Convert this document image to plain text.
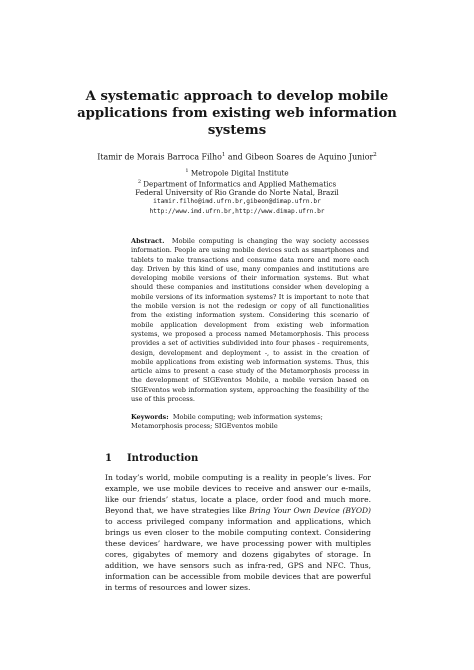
A systematic approach to develop mobile
applications from existing web information
systems
Itamir de Morais Barroca Filho$^1$ and Gibeon Soares de Aquino Junior$^2$
$^1$ Metropole Digital Institute
$^2$ Department of Informatics and Applied Mathematics
Federal University of Rio Grande do Norte Natal, Brazil
itamir.filho@imd.ufrn.br,gibeon@dimap.ufrn.br
http://www.imd.ufrn.br,http://www.dimap.ufrn.br
Abstract. Mobile computing is changing the way society accesses information. People are using mobile devices such as smartphones and tablets to make transactions and consume data more and more each day. Driven by this kind of use, many companies and institutions are developing mobile versions of their information systems. But what should these companies and institutions consider when developing a mobile versions of its information systems? It is important to note that the mobile version is not the redesign or copy of all functionalities from the existing information system. Considering this scenario of mobile application development from existing web information systems, we proposed a process named Metamorphosis. This process provides a set of activities subdivided into four phases - requirements, design, development and deployment -, to assist in the creation of mobile applications from existing web information systems. Thus, this article aims to present a case study of the Metamorphosis process in the development of SIGEventos Mobile, a mobile version based on SIGEventos web information system, approaching the feasibility of the use of this process.
Keywords: Mobile computing; web information systems; Metamorphosis process; SIGEventos mobile
1 Introduction
In today’s world, mobile computing is a reality in people’s lives. For example, we use mobile devices to receive and answer our e-mails, like our friends’ status, locate a place, order food and much more. Beyond that, we have strategies like Bring Your Own Device (BYOD) to access privileged company information and applications, which brings us even closer to the mobile computing context. Considering these devices’ hardware, we have processing power with multiples cores, gigabytes of memory and dozens gigabytes of storage. In addition, we have sensors such as infra-red, GPS and NFC. Thus, information can be accessible from mobile devices that are powerful in terms of resources and lower sizes.
